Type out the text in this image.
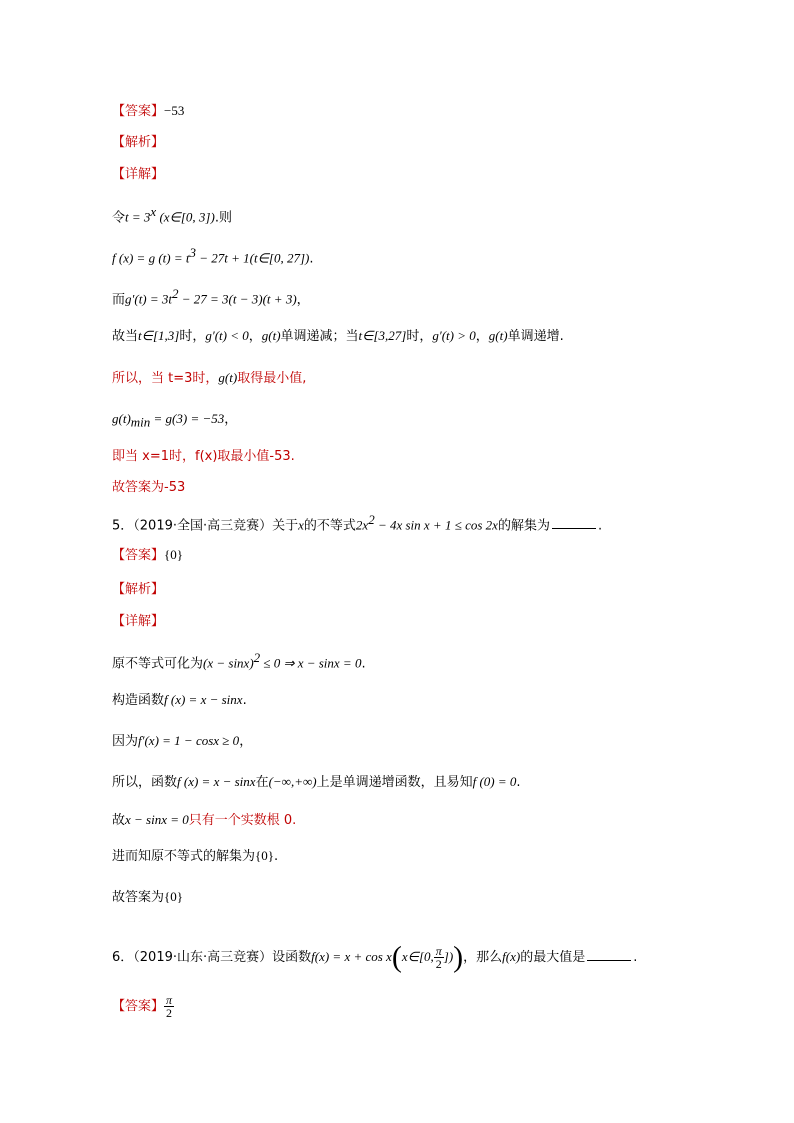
【答案】−53
【解析】
【详解】
令$t = 3^x$ (x∈[0, 3]).则
f (x) = g $(t) = t^3 - 27t$ + 1(t∈[0, 27]).
而$g'(t) = 3t^2 - 27 = 3(t - 3)(t + 3)$，
故当t∈[1,3]时，g′(t) < 0，g(t)单调递减；当t∈[3,27]时，g′(t) > 0，g(t)单调递增.
所以，当 t=3时，g(t)取得最小值,
$g(t)_{min} = g(3) = -53$，
即当 x=1时，f(x)取最小值-53.
故答案为-53
5．（2019·全国·高三竞赛）关于x的不等式$2x^2 - 4x$ sin x + 1 ≤ cos 2x的解集为	.
【答案】{0}
【解析】
【详解】
原不等式可化为$(x - \sin x)^2 \le 0$ ⇒ x − sinx = 0.
构造函数f (x) = x − sinx.
因为f′(x) = 1 − cosx ≥ 0，
所以，函数f (x) = x − sinx在(−∞,+∞)上是单调递增函数，且易知f (0) = 0.
故x − sinx = 0只有一个实数根 0.
进而知原不等式的解集为{0}.
故答案为{0}
6．（2019·山东·高三竞赛）设函数f(x) = x + cos x(x∈[0, $\frac{\pi}{2}$ ]))，那么f(x)的最大值是	.
【答案】 $\frac{\pi}{2}$
